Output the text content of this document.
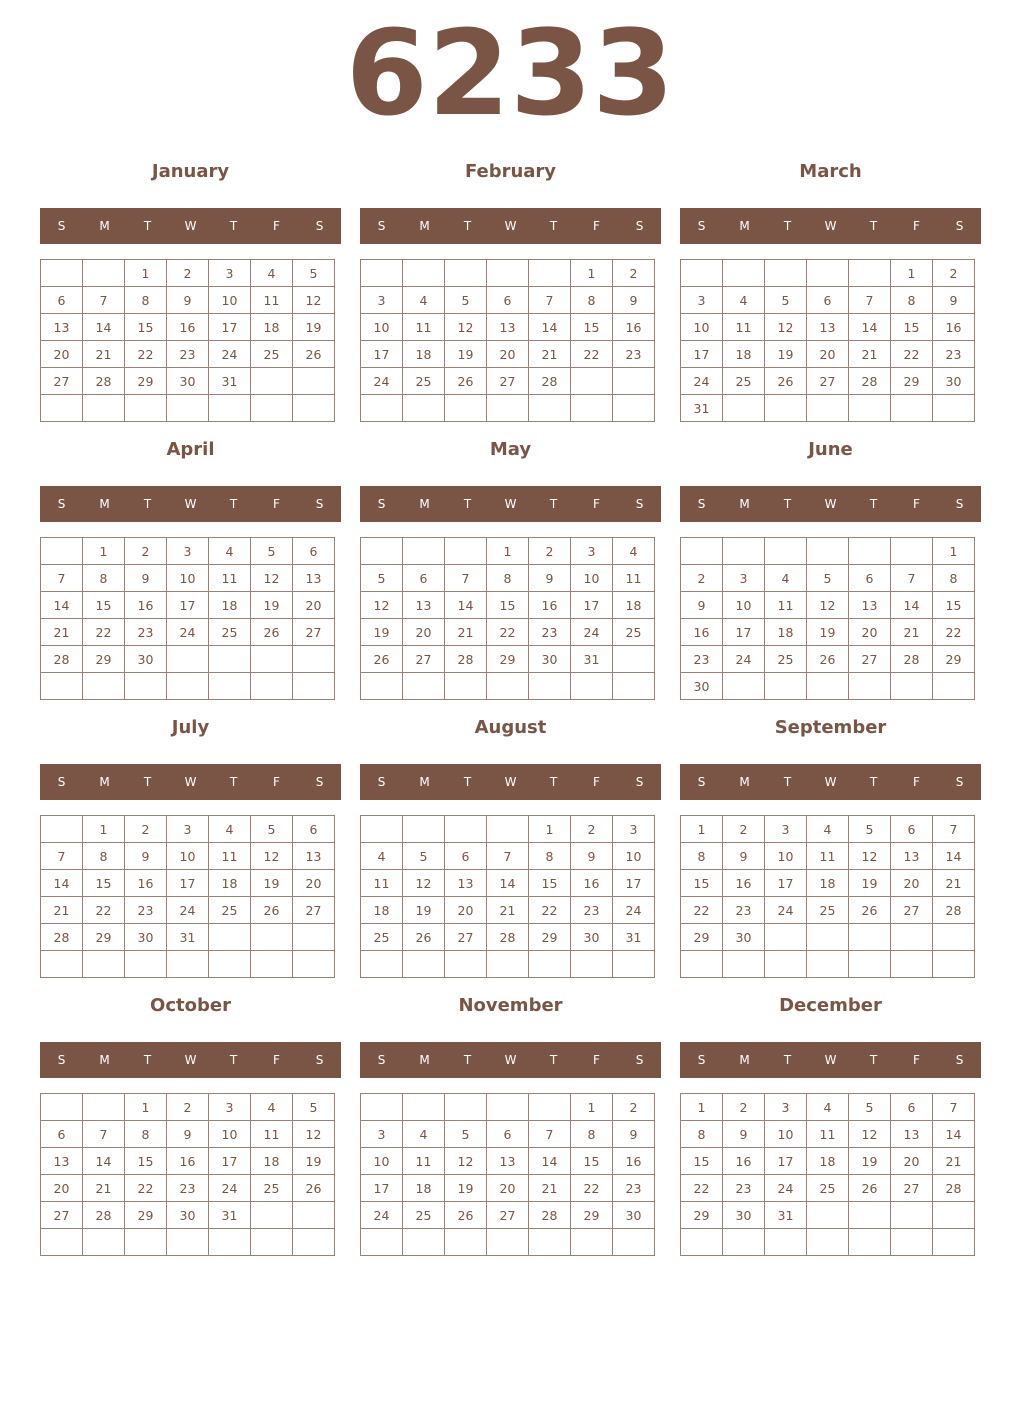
6233
January
S	M	T	W	T	F	S
		1	2	3	4	5
6	7	8	9	10	11	12
13	14	15	16	17	18	19
20	21	22	23	24	25	26
27	28	29	30	31		

February
S	M	T	W	T	F	S
					1	2
3	4	5	6	7	8	9
10	11	12	13	14	15	16
17	18	19	20	21	22	23
24	25	26	27	28		

March
S	M	T	W	T	F	S
					1	2
3	4	5	6	7	8	9
10	11	12	13	14	15	16
17	18	19	20	21	22	23
24	25	26	27	28	29	30
31						
April
S	M	T	W	T	F	S
	1	2	3	4	5	6
7	8	9	10	11	12	13
14	15	16	17	18	19	20
21	22	23	24	25	26	27
28	29	30				

May
S	M	T	W	T	F	S
			1	2	3	4
5	6	7	8	9	10	11
12	13	14	15	16	17	18
19	20	21	22	23	24	25
26	27	28	29	30	31	

June
S	M	T	W	T	F	S
						1
2	3	4	5	6	7	8
9	10	11	12	13	14	15
16	17	18	19	20	21	22
23	24	25	26	27	28	29
30						
July
S	M	T	W	T	F	S
	1	2	3	4	5	6
7	8	9	10	11	12	13
14	15	16	17	18	19	20
21	22	23	24	25	26	27
28	29	30	31			

August
S	M	T	W	T	F	S
				1	2	3
4	5	6	7	8	9	10
11	12	13	14	15	16	17
18	19	20	21	22	23	24
25	26	27	28	29	30	31

September
S	M	T	W	T	F	S
1	2	3	4	5	6	7
8	9	10	11	12	13	14
15	16	17	18	19	20	21
22	23	24	25	26	27	28
29	30					

October
S	M	T	W	T	F	S
		1	2	3	4	5
6	7	8	9	10	11	12
13	14	15	16	17	18	19
20	21	22	23	24	25	26
27	28	29	30	31		

November
S	M	T	W	T	F	S
					1	2
3	4	5	6	7	8	9
10	11	12	13	14	15	16
17	18	19	20	21	22	23
24	25	26	27	28	29	30

December
S	M	T	W	T	F	S
1	2	3	4	5	6	7
8	9	10	11	12	13	14
15	16	17	18	19	20	21
22	23	24	25	26	27	28
29	30	31				
